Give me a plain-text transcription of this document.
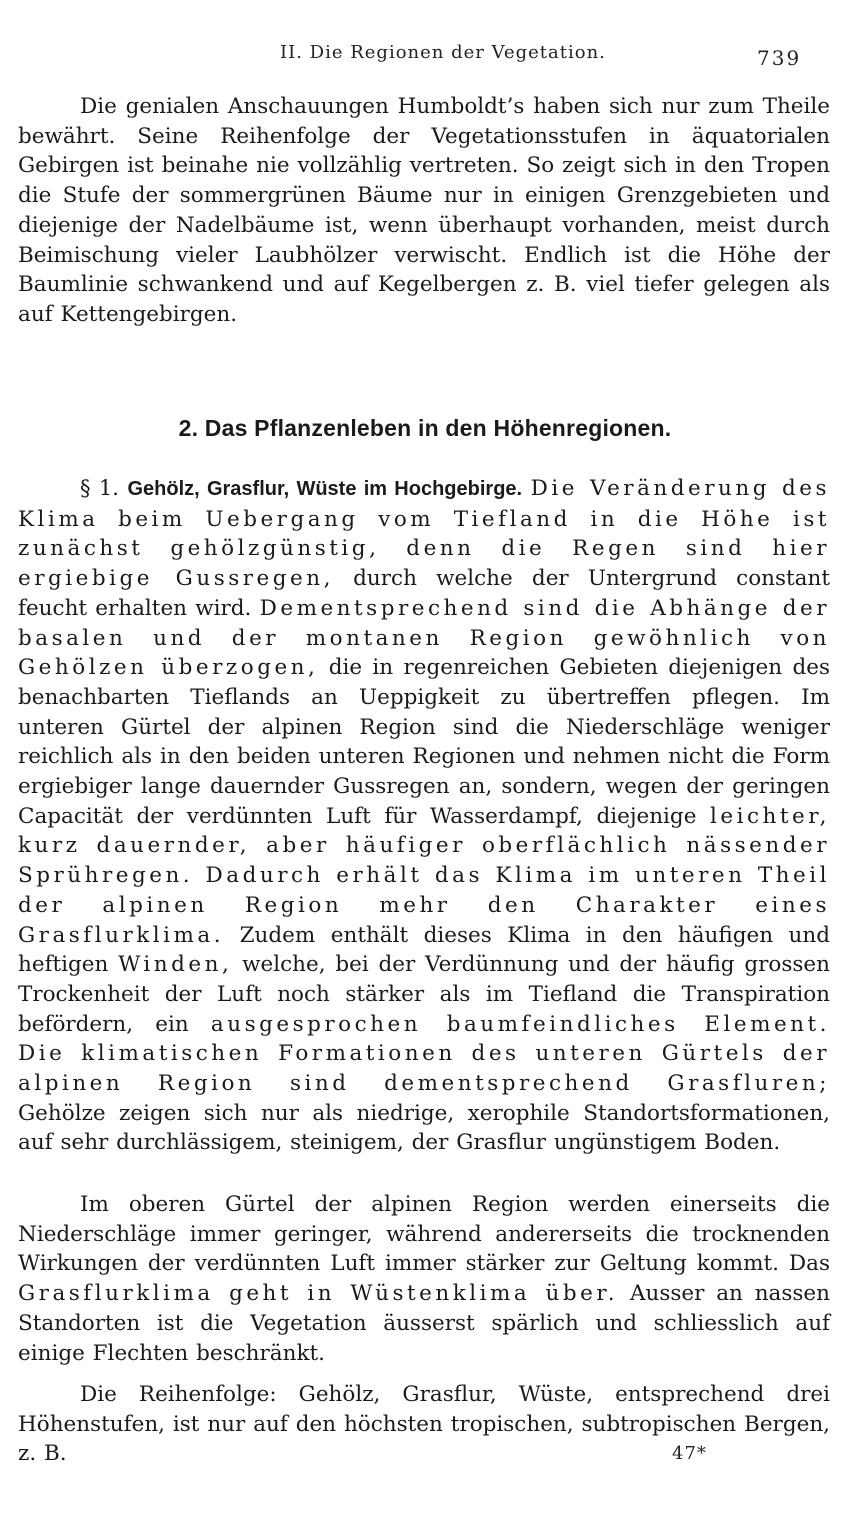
II. Die Regionen der Vegetation.	739

Die genialen Anschauungen Humboldt’s haben sich nur zum Theile bewährt. Seine Reihenfolge der Vegetationsstufen in äquatorialen Gebirgen ist beinahe nie vollzählig vertreten. So zeigt sich in den Tropen die Stufe der sommergrünen Bäume nur in einigen Grenzgebieten und diejenige der Nadelbäume ist, wenn überhaupt vorhanden, meist durch Beimischung vieler Laubhölzer verwischt. Endlich ist die Höhe der Baumlinie schwankend und auf Kegelbergen z. B. viel tiefer gelegen als auf Kettengebirgen.

2. Das Pflanzenleben in den Höhenregionen.

§ 1. Gehölz, Grasflur, Wüste im Hochgebirge. Die Veränderung des Klima beim Uebergang vom Tiefland in die Höhe ist zunächst gehölzgünstig, denn die Regen sind hier ergiebige Gussregen, durch welche der Untergrund constant feucht erhalten wird. Dementsprechend sind die Abhänge der basalen und der montanen Region gewöhnlich von Gehölzen überzogen, die in regenreichen Gebieten diejenigen des benachbarten Tieflands an Ueppigkeit zu übertreffen pflegen. Im unteren Gürtel der alpinen Region sind die Niederschläge weniger reichlich als in den beiden unteren Regionen und nehmen nicht die Form ergiebiger lange dauernder Gussregen an, sondern, wegen der geringen Capacität der verdünnten Luft für Wasserdampf, diejenige leichter, kurz dauernder, aber häufiger oberflächlich nässender Sprühregen. Dadurch erhält das Klima im unteren Theil der alpinen Region mehr den Charakter eines Grasflurklima. Zudem enthält dieses Klima in den häufigen und heftigen Winden, welche, bei der Verdünnung und der häufig grossen Trockenheit der Luft noch stärker als im Tiefland die Transpiration befördern, ein ausgesprochen baumfeindliches Element. Die klimatischen Formationen des unteren Gürtels der alpinen Region sind dementsprechend Grasfluren; Gehölze zeigen sich nur als niedrige, xerophile Standortsformationen, auf sehr durchlässigem, steinigem, der Grasflur ungünstigem Boden.

Im oberen Gürtel der alpinen Region werden einerseits die Niederschläge immer geringer, während andererseits die trocknenden Wirkungen der verdünnten Luft immer stärker zur Geltung kommt. Das Grasflurklima geht in Wüstenklima über. Ausser an nassen Standorten ist die Vegetation äusserst spärlich und schliesslich auf einige Flechten beschränkt.

Die Reihenfolge: Gehölz, Grasflur, Wüste, entsprechend drei Höhenstufen, ist nur auf den höchsten tropischen, subtropischen Bergen, z. B.	47*
